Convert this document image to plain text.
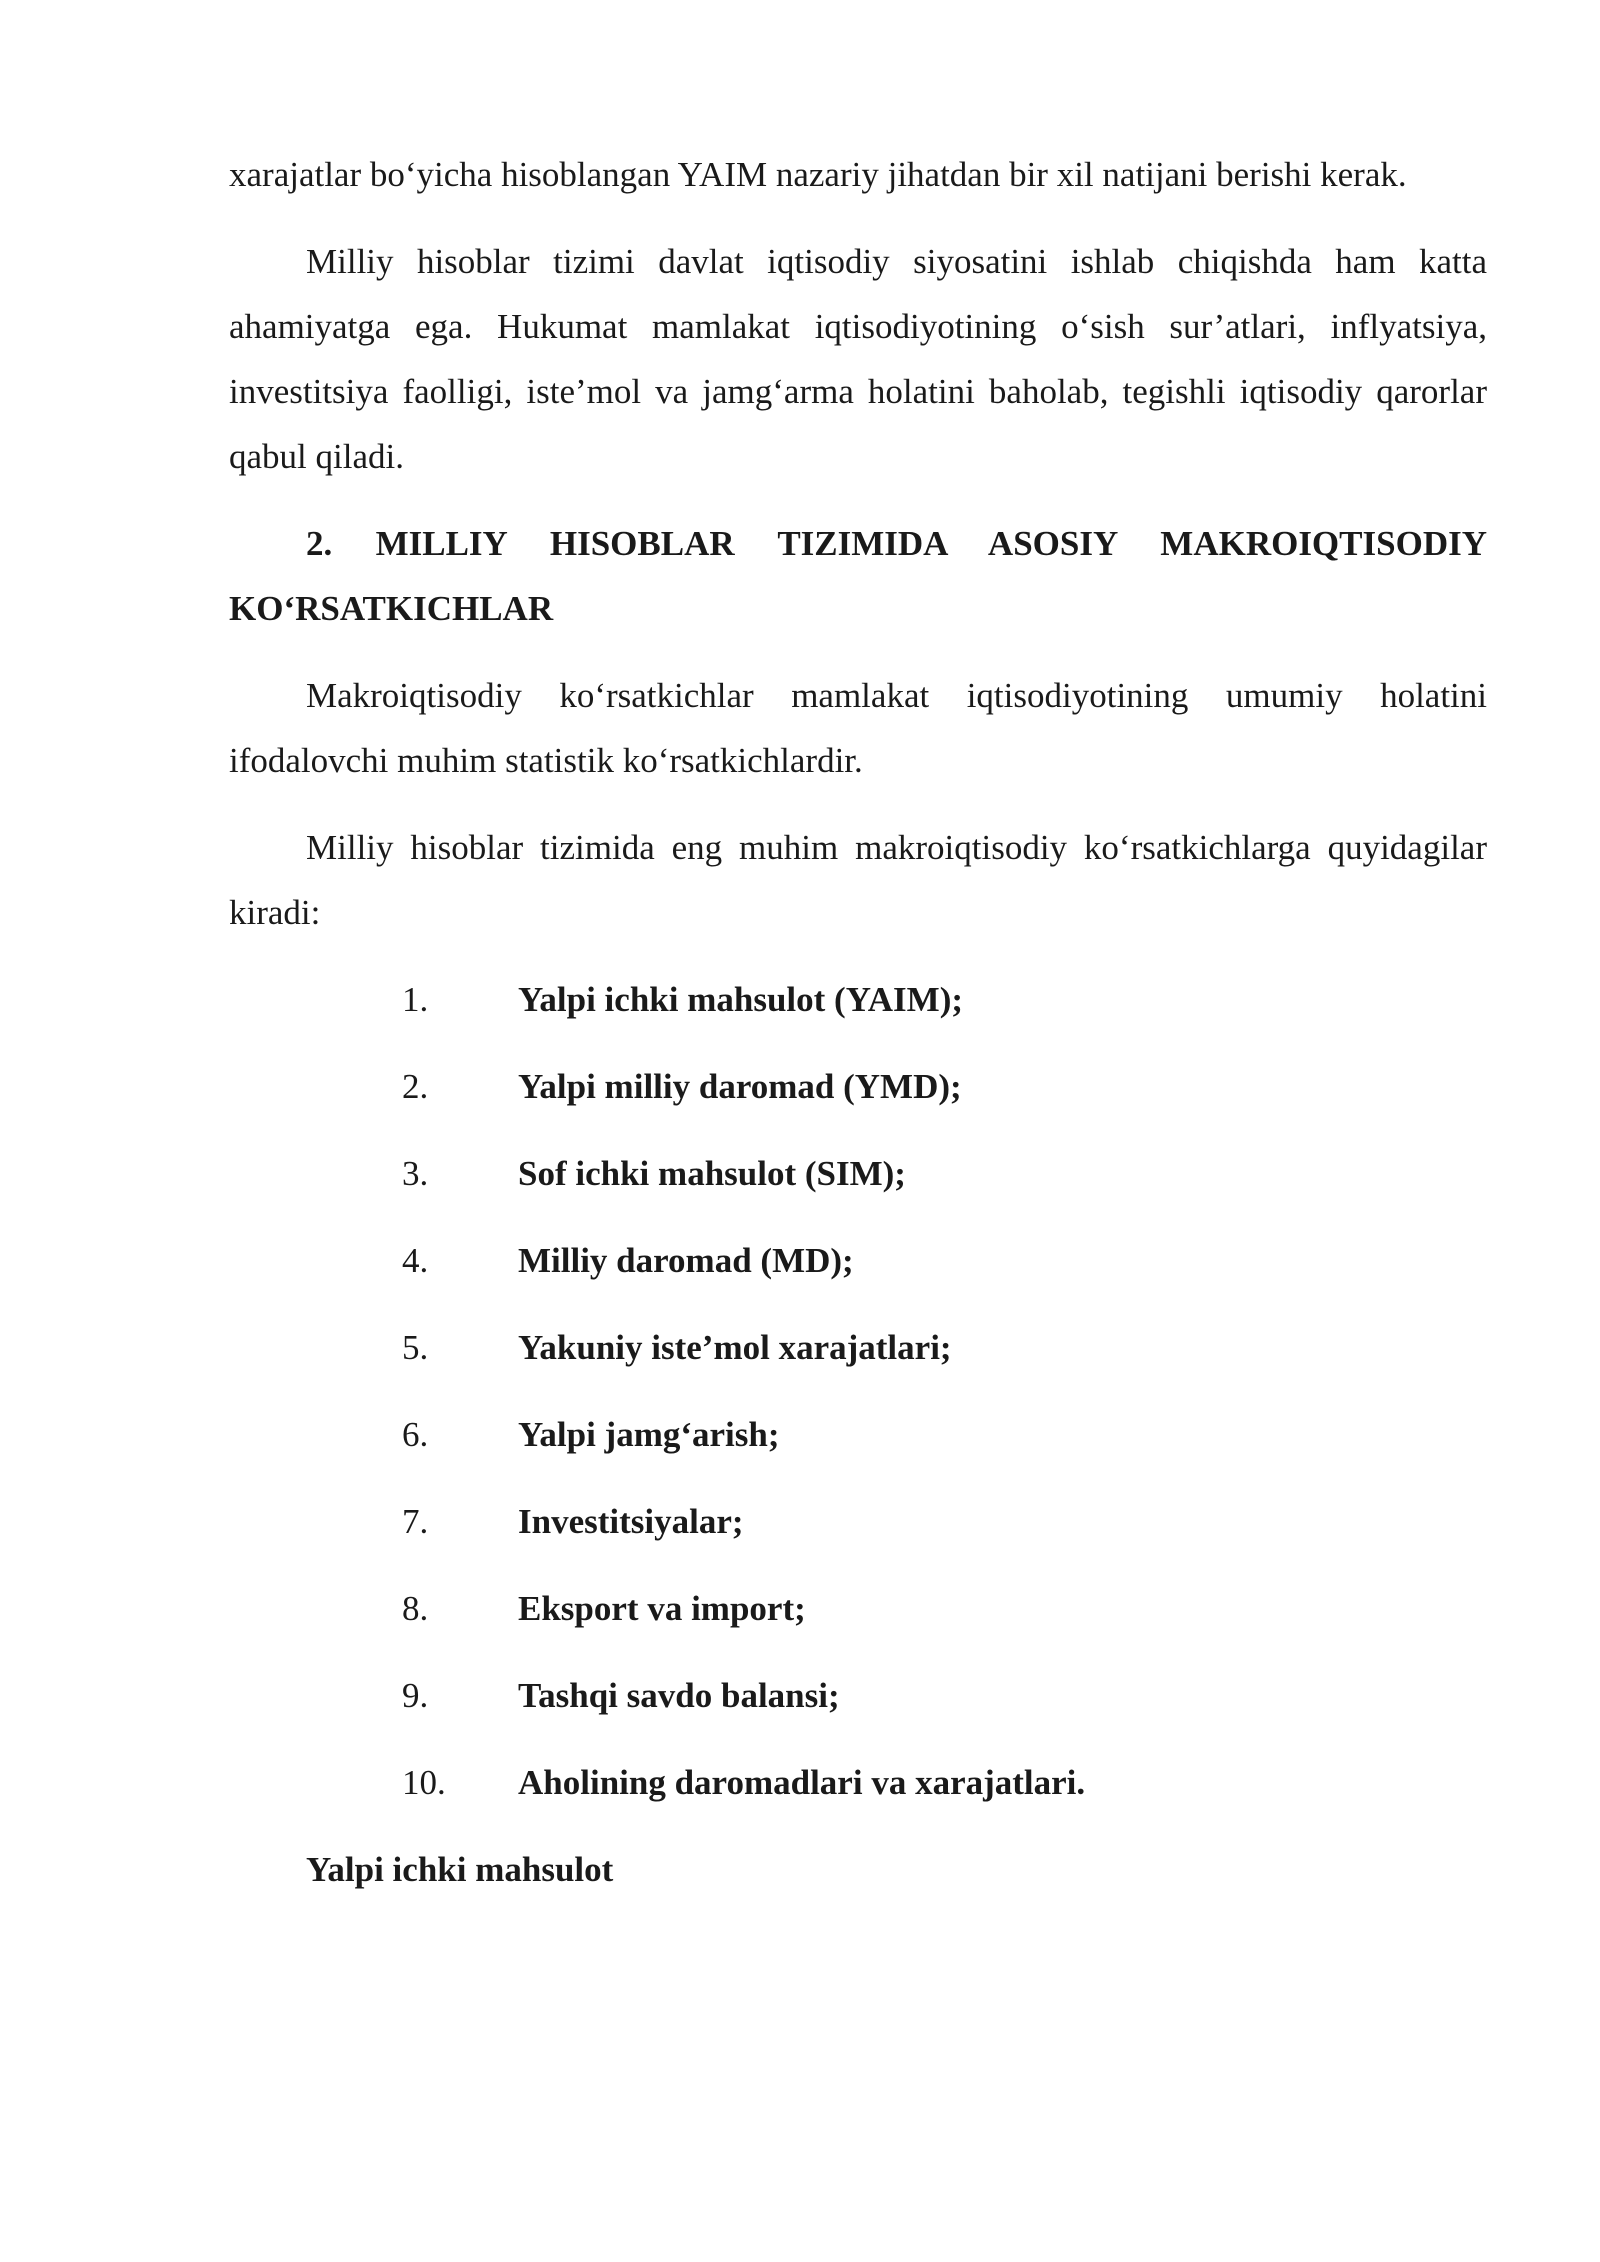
xarajatlar bo‘yicha hisoblangan YAIM nazariy jihatdan bir xil natijani berishi kerak.

Milliy hisoblar tizimi davlat iqtisodiy siyosatini ishlab chiqishda ham katta ahamiyatga ega. Hukumat mamlakat iqtisodiyotining o‘sish sur’atlari, inflyatsiya, investitsiya faolligi, iste’mol va jamg‘arma holatini baholab, tegishli iqtisodiy qarorlar qabul qiladi.

2. MILLIY HISOBLAR TIZIMIDA ASOSIY MAKROIQTISODIY KO‘RSATKICHLAR

Makroiqtisodiy ko‘rsatkichlar mamlakat iqtisodiyotining umumiy holatini ifodalovchi muhim statistik ko‘rsatkichlardir.

Milliy hisoblar tizimida eng muhim makroiqtisodiy ko‘rsatkichlarga quyidagilar kiradi:

1.	Yalpi ichki mahsulot (YAIM);
2.	Yalpi milliy daromad (YMD);
3.	Sof ichki mahsulot (SIM);
4.	Milliy daromad (MD);
5.	Yakuniy iste’mol xarajatlari;
6.	Yalpi jamg‘arish;
7.	Investitsiyalar;
8.	Eksport va import;
9.	Tashqi savdo balansi;
10.	Aholining daromadlari va xarajatlari.

Yalpi ichki mahsulot
